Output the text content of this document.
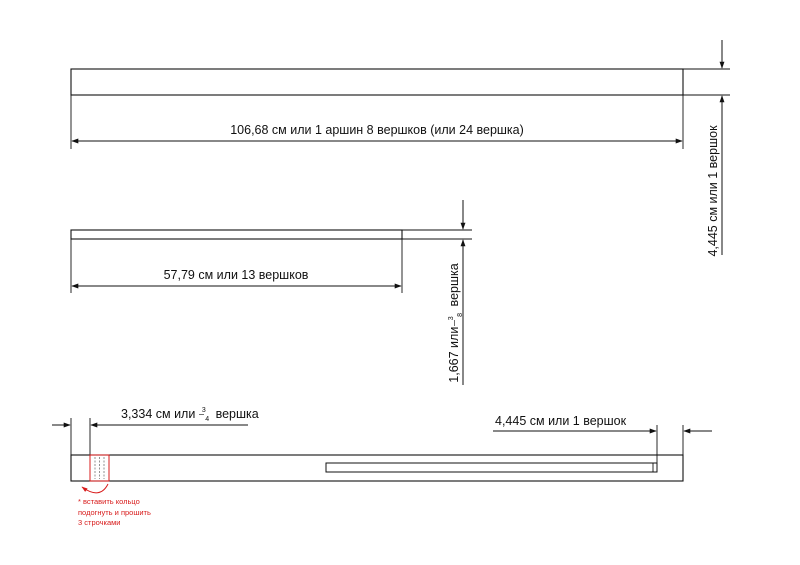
106,68 см или 1 аршин 8 вершков (или 24 вершка)	4,445 см или 1 вершок
57,79 см или 13 вершков
1,667 или $^3$ 8 вершка
3,334 см или $^3$ 4 вершка	4,445 см или 1 вершок
* вставить кольцо
подогнуть и прошить
3 строчками
